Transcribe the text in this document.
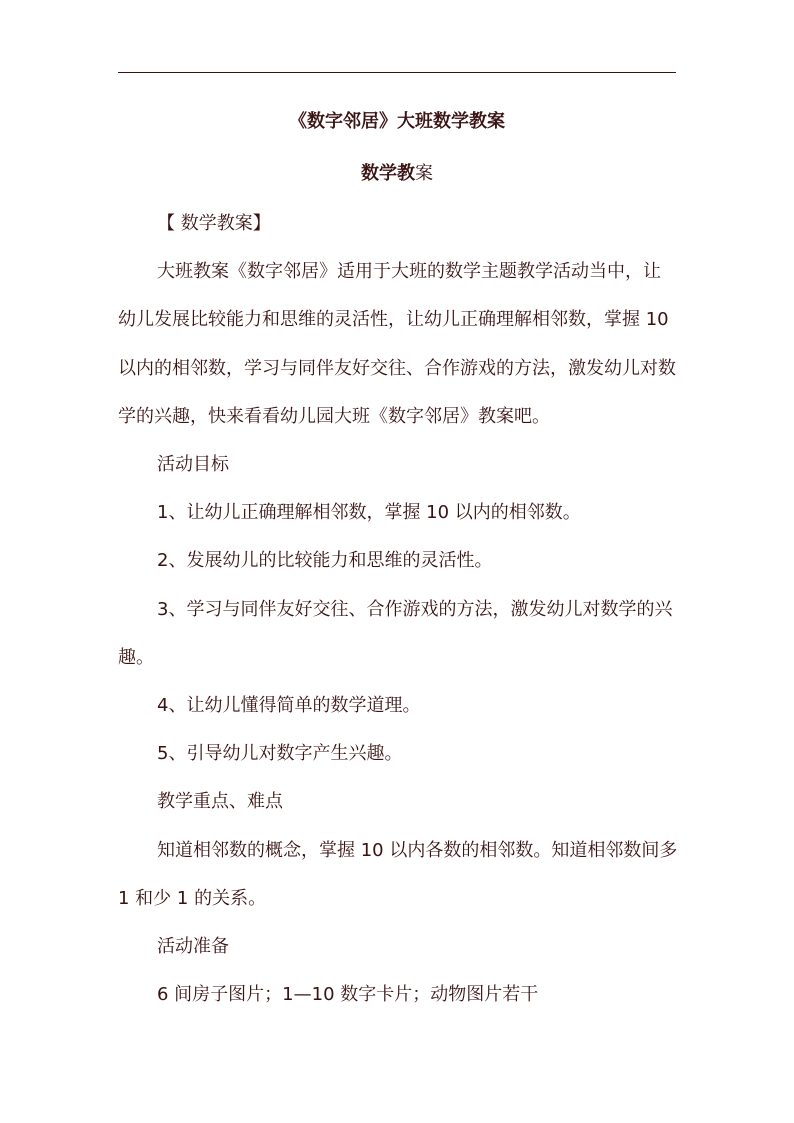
《数字邻居》大班数学教案
数学教案

【 数学教案】

大班教案《数字邻居》适用于大班的数学主题教学活动当中，让幼儿发展比较能力和思维的灵活性，让幼儿正确理解相邻数，掌握 10 以内的相邻数，学习与同伴友好交往、合作游戏的方法，激发幼儿对数学的兴趣，快来看看幼儿园大班《数字邻居》教案吧。

活动目标

1、让幼儿正确理解相邻数，掌握 10 以内的相邻数。

2、发展幼儿的比较能力和思维的灵活性。

3、学习与同伴友好交往、合作游戏的方法，激发幼儿对数学的兴趣。

4、让幼儿懂得简单的数学道理。

5、引导幼儿对数字产生兴趣。

教学重点、难点

知道相邻数的概念，掌握 10 以内各数的相邻数。知道相邻数间多 1 和少 1 的关系。

活动准备

6 间房子图片；1—10 数字卡片；动物图片若干
